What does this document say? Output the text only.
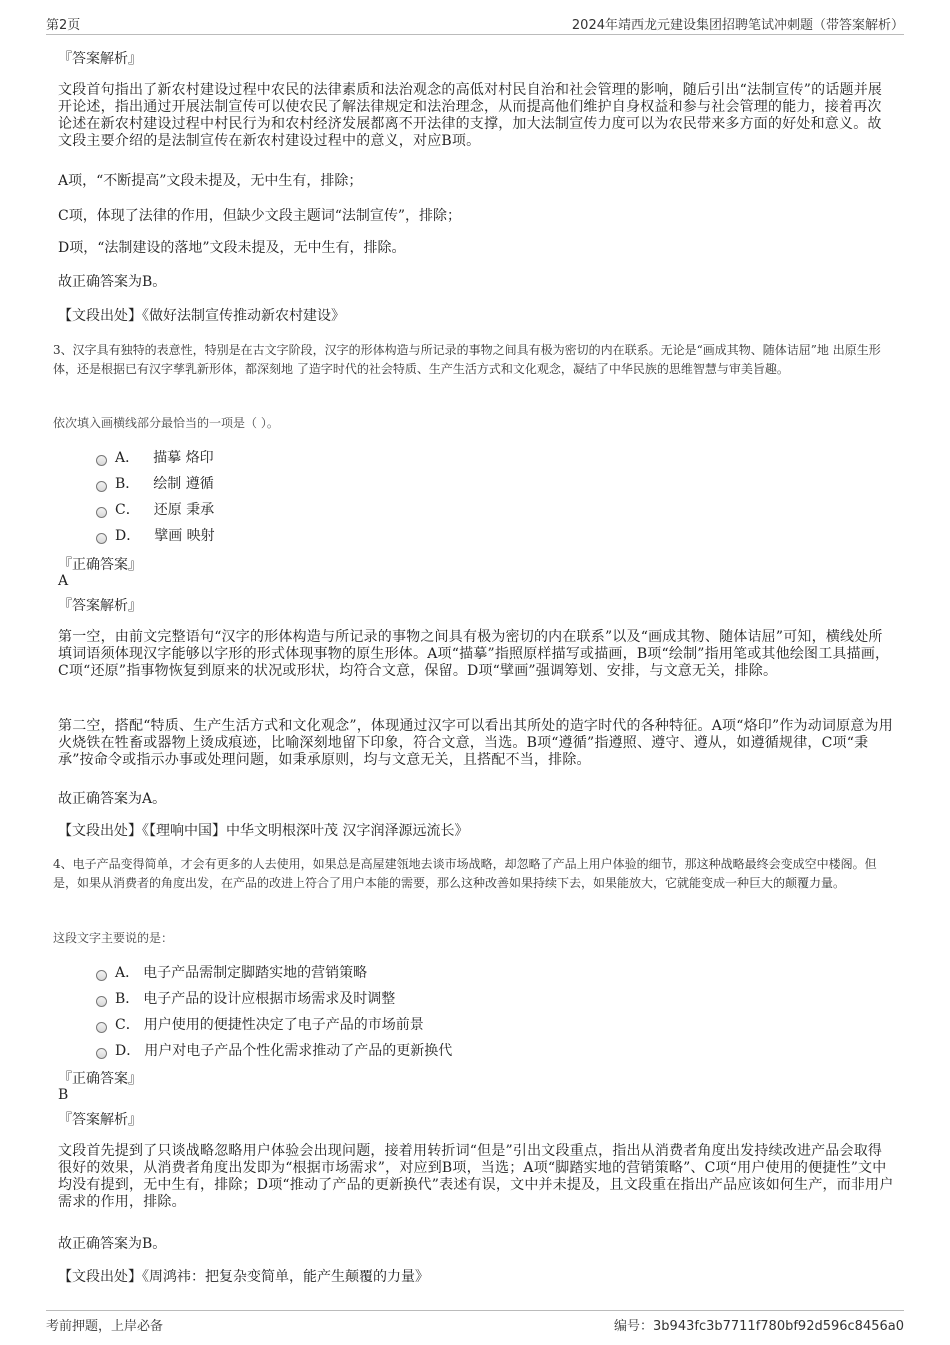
第2页	2024年靖西龙元建设集团招聘笔试冲刺题（带答案解析）
『答案解析』

文段首句指出了新农村建设过程中农民的法律素质和法治观念的高低对村民自治和社会管理的影响，随后引出“法制宣传”的话题并展开论述，指出通过开展法制宣传可以使农民了解法律规定和法治理念，从而提高他们维护自身权益和参与社会管理的能力，接着再次论述在新农村建设过程中村民行为和农村经济发展都离不开法律的支撑，加大法制宣传力度可以为农民带来多方面的好处和意义。故文段主要介绍的是法制宣传在新农村建设过程中的意义，对应B项。

A项，“不断提高”文段未提及，无中生有，排除；
C项，体现了法律的作用，但缺少文段主题词“法制宣传”，排除；
D项，“法制建设的落地”文段未提及，无中生有，排除。
故正确答案为B。
【文段出处】《做好法制宣传推动新农村建设》

3、汉字具有独特的表意性，特别是在古文字阶段，汉字的形体构造与所记录的事物之间具有极为密切的内在联系。无论是“画成其物、随体诘屈”地 出原生形体，还是根据已有汉字孳乳新形体，都深刻地 了造字时代的社会特质、生产生活方式和文化观念，凝结了中华民族的思维智慧与审美旨趣。

依次填入画横线部分最恰当的一项是（ ）。
A． 描摹 烙印
B． 绘制 遵循
C． 还原 秉承
D． 擘画 映射
『正确答案』
A
『答案解析』

第一空，由前文完整语句“汉字的形体构造与所记录的事物之间具有极为密切的内在联系”以及“画成其物、随体诘屈”可知，横线处所填词语须体现汉字能够以字形的形式体现事物的原生形体。A项“描摹”指照原样描写或描画，B项“绘制”指用笔或其他绘图工具描画，C项“还原”指事物恢复到原来的状况或形状，均符合文意，保留。D项“擘画”强调筹划、安排，与文意无关，排除。

第二空，搭配“特质、生产生活方式和文化观念”，体现通过汉字可以看出其所处的造字时代的各种特征。A项“烙印”作为动词原意为用火烧铁在牲畜或器物上烫成痕迹，比喻深刻地留下印象，符合文意，当选。B项“遵循”指遵照、遵守、遵从，如遵循规律，C项“秉承”按命令或指示办事或处理问题，如秉承原则，均与文意无关，且搭配不当，排除。

故正确答案为A。
【文段出处】《【理响中国】中华文明根深叶茂 汉字润泽源远流长》

4、电子产品变得简单，才会有更多的人去使用，如果总是高屋建瓴地去谈市场战略，却忽略了产品上用户体验的细节，那这种战略最终会变成空中楼阁。但是，如果从消费者的角度出发，在产品的改进上符合了用户本能的需要，那么这种改善如果持续下去，如果能放大，它就能变成一种巨大的颠覆力量。

这段文字主要说的是：
A． 电子产品需制定脚踏实地的营销策略
B． 电子产品的设计应根据市场需求及时调整
C． 用户使用的便捷性决定了电子产品的市场前景
D． 用户对电子产品个性化需求推动了产品的更新换代
『正确答案』
B
『答案解析』

文段首先提到了只谈战略忽略用户体验会出现问题，接着用转折词“但是”引出文段重点，指出从消费者角度出发持续改进产品会取得很好的效果，从消费者角度出发即为“根据市场需求”，对应到B项，当选；A项“脚踏实地的营销策略”、C项“用户使用的便捷性”文中均没有提到，无中生有，排除；D项“推动了产品的更新换代”表述有误，文中并未提及，且文段重在指出产品应该如何生产，而非用户需求的作用，排除。

故正确答案为B。
【文段出处】《周鸿祎：把复杂变简单，能产生颠覆的力量》
考前押题，上岸必备	编号：3b943fc3b7711f780bf92d596c8456a0
